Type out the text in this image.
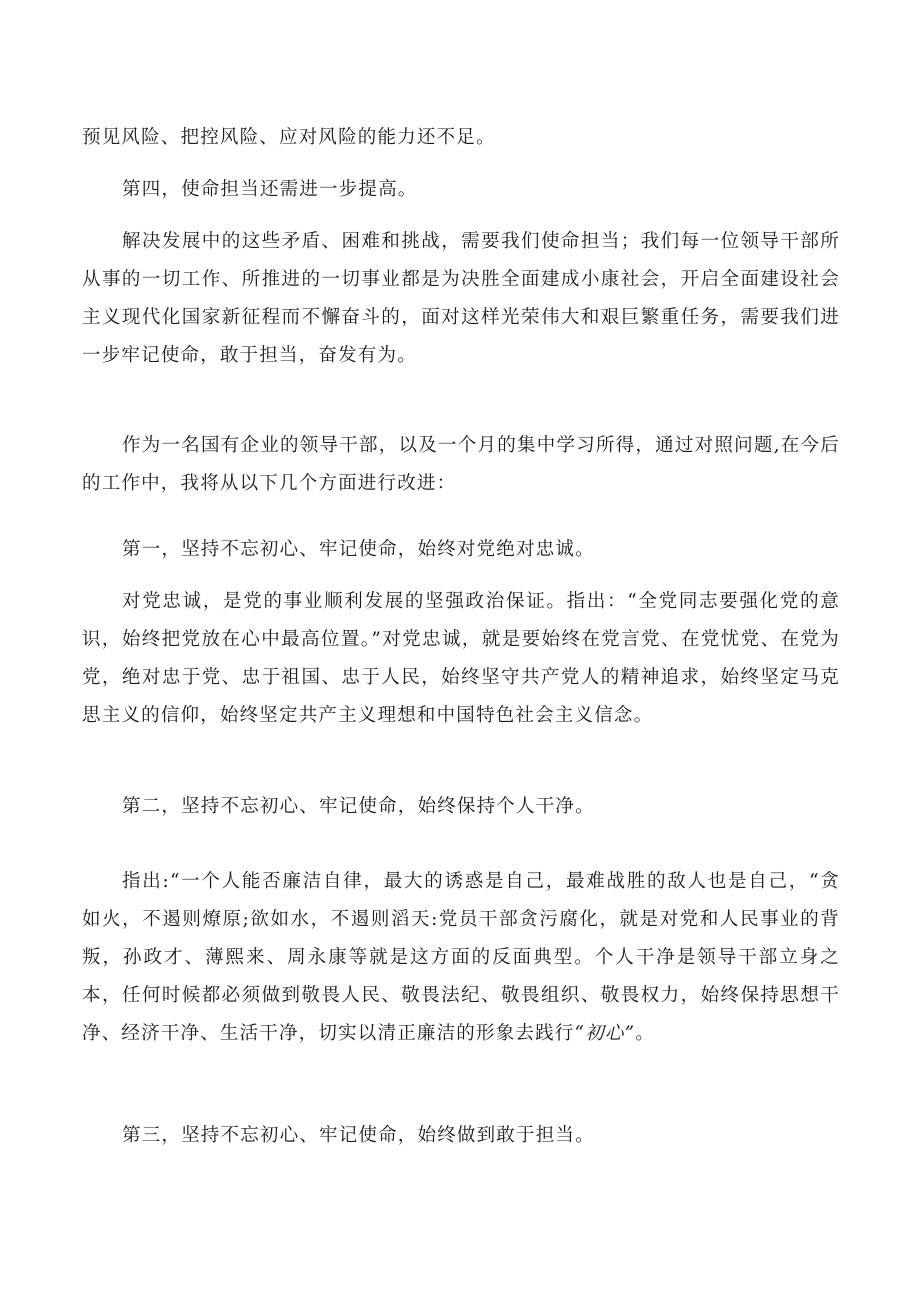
预见风险、把控风险、应对风险的能力还不足。

第四，使命担当还需进一步提高。

解决发展中的这些矛盾、困难和挑战，需要我们使命担当；我们每一位领导干部所从事的一切工作、所推进的一切事业都是为决胜全面建成小康社会，开启全面建设社会主义现代化国家新征程而不懈奋斗的，面对这样光荣伟大和艰巨繁重任务，需要我们进一步牢记使命，敢于担当，奋发有为。

作为一名国有企业的领导干部，以及一个月的集中学习所得，通过对照问题,在今后的工作中，我将从以下几个方面进行改进：

第一，坚持不忘初心、牢记使命，始终对党绝对忠诚。

对党忠诚，是党的事业顺利发展的坚强政治保证。指出：“全党同志要强化党的意识，始终把党放在心中最高位置。”对党忠诚，就是要始终在党言党、在党忧党、在党为党，绝对忠于党、忠于祖国、忠于人民，始终坚守共产党人的精神追求，始终坚定马克思主义的信仰，始终坚定共产主义理想和中国特色社会主义信念。

第二，坚持不忘初心、牢记使命，始终保持个人干净。

指出:“一个人能否廉洁自律，最大的诱惑是自己，最难战胜的敌人也是自己，“贪如火，不遏则燎原;欲如水，不遏则滔天:党员干部贪污腐化，就是对党和人民事业的背叛，孙政才、薄熙来、周永康等就是这方面的反面典型。个人干净是领导干部立身之本，任何时候都必须做到敬畏人民、敬畏法纪、敬畏组织、敬畏权力，始终保持思想干净、经济干净、生活干净，切实以清正廉洁的形象去践行“初心”。

第三，坚持不忘初心、牢记使命，始终做到敢于担当。
